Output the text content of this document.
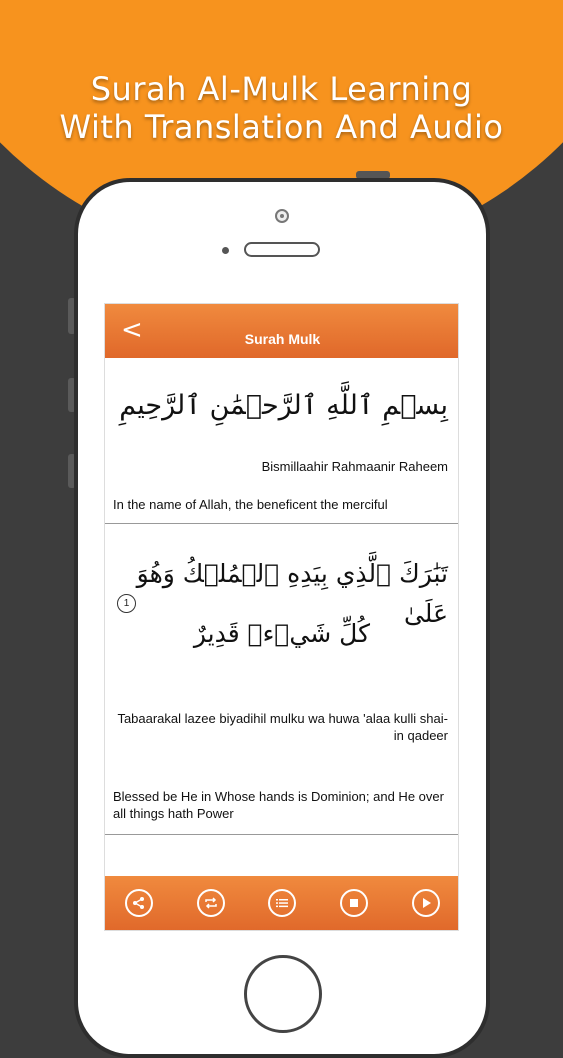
Surah Al-Mulk Learning
With Translation And Audio
<	Surah Mulk
بِسۡمِ ٱللَّهِ ٱلرَّحۡمَٰنِ ٱلرَّحِيمِ
Bismillaahir Rahmaanir Raheem
In the name of Allah, the beneficent the merciful
1
تَبَٰرَكَ ٱلَّذِي بِيَدِهِ ٱلۡمُلۡكُ وَهُوَ عَلَىٰ
كُلِّ شَيۡءٖ قَدِيرٌ
Tabaarakal lazee biyadihil mulku wa huwa 'alaa kulli shai-in qadeer
Blessed be He in Whose hands is Dominion; and He over all things hath Power
